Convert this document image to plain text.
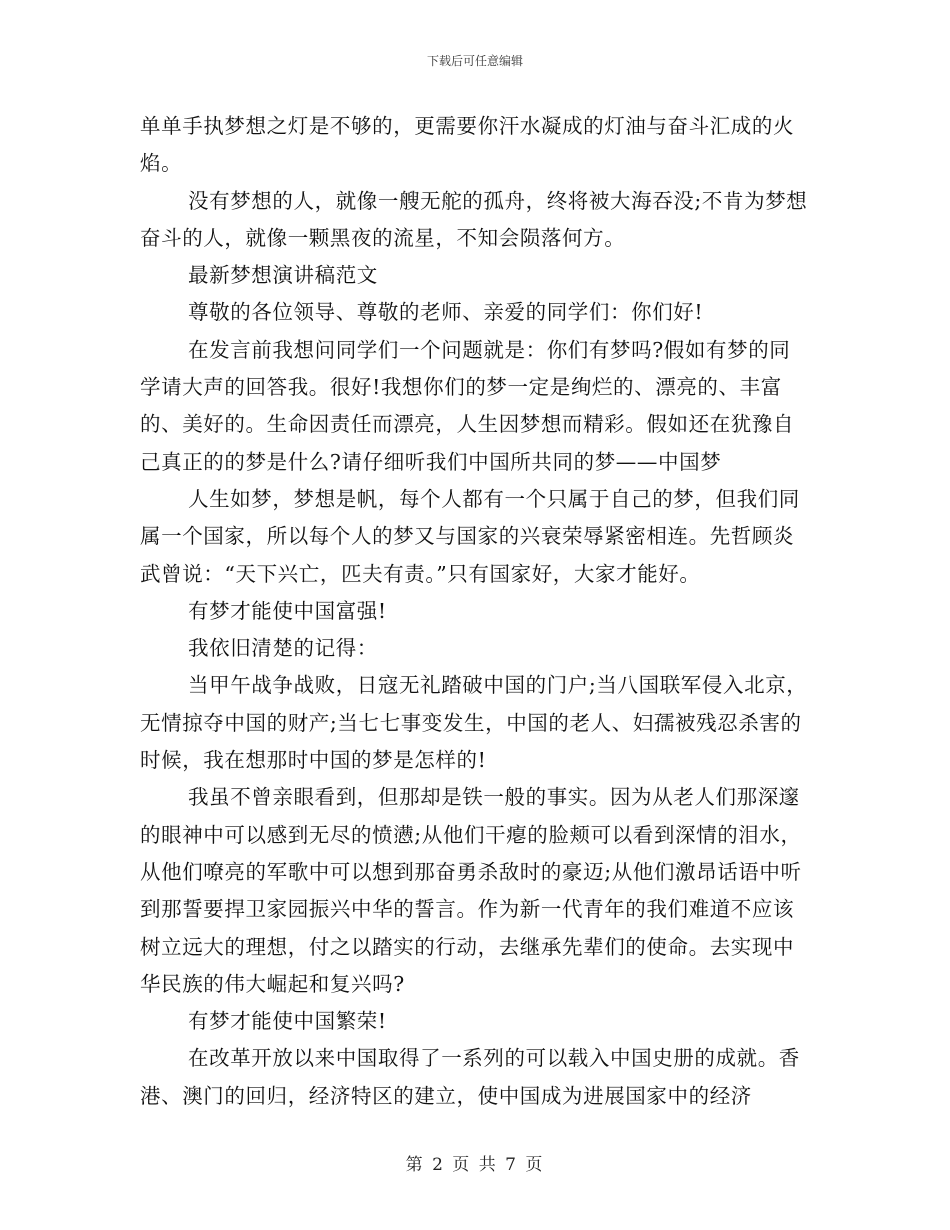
下载后可任意编辑

单单手执梦想之灯是不够的，更需要你汗水凝成的灯油与奋斗汇成的火焰。

没有梦想的人，就像一艘无舵的孤舟，终将被大海吞没;不肯为梦想奋斗的人，就像一颗黑夜的流星，不知会陨落何方。

最新梦想演讲稿范文

尊敬的各位领导、尊敬的老师、亲爱的同学们：你们好!

在发言前我想问同学们一个问题就是：你们有梦吗?假如有梦的同学请大声的回答我。很好!我想你们的梦一定是绚烂的、漂亮的、丰富的、美好的。生命因责任而漂亮，人生因梦想而精彩。假如还在犹豫自己真正的的梦是什么?请仔细听我们中国所共同的梦——中国梦

人生如梦，梦想是帆，每个人都有一个只属于自己的梦，但我们同属一个国家，所以每个人的梦又与国家的兴衰荣辱紧密相连。先哲顾炎武曾说：“天下兴亡，匹夫有责。”只有国家好，大家才能好。

有梦才能使中国富强!

我依旧清楚的记得：

当甲午战争战败，日寇无礼踏破中国的门户;当八国联军侵入北京，无情掠夺中国的财产;当七七事变发生，中国的老人、妇孺被残忍杀害的时候，我在想那时中国的梦是怎样的!

我虽不曾亲眼看到，但那却是铁一般的事实。因为从老人们那深邃的眼神中可以感到无尽的愤懑;从他们干瘪的脸颊可以看到深情的泪水，从他们嘹亮的军歌中可以想到那奋勇杀敌时的豪迈;从他们激昂话语中听到那誓要捍卫家园振兴中华的誓言。作为新一代青年的我们难道不应该树立远大的理想，付之以踏实的行动，去继承先辈们的使命。去实现中华民族的伟大崛起和复兴吗?

有梦才能使中国繁荣!

在改革开放以来中国取得了一系列的可以载入中国史册的成就。香港、澳门的回归，经济特区的建立，使中国成为进展国家中的经济

第 2 页 共 7 页
